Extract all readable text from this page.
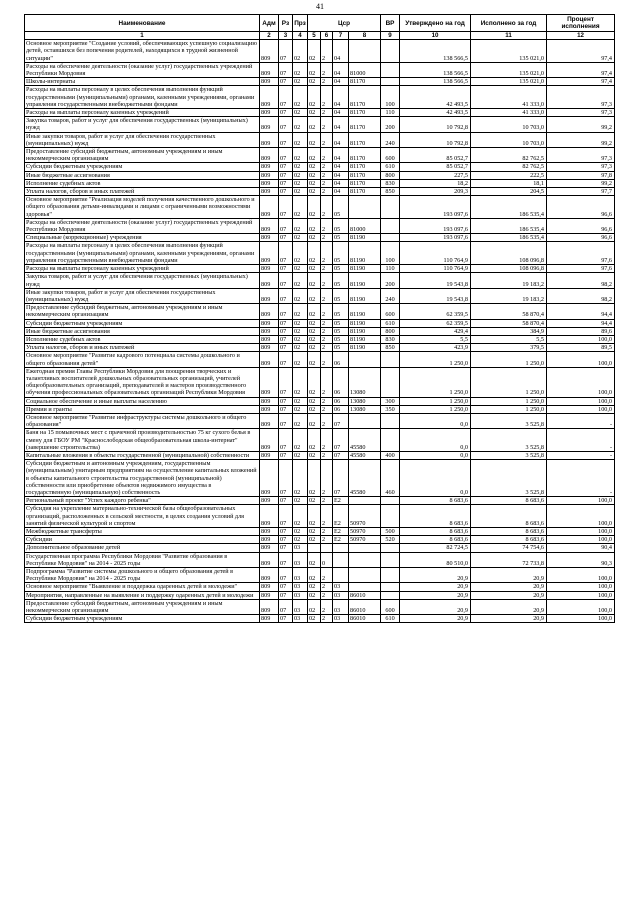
41
Наименование	Адм	Рз	Прз	Цср				ВР	Утверждено на год	Исполнено за год	Процент исполнения
1	2	3	4	5	6	7	8	9	10	11	12
Основное мероприятие "Создание условий, обеспечивающих успешную социализацию детей, оставшихся без попечения родителей, находящихся в трудной жизненной ситуации"	809	07	02	02	2	04			138 566,5	135 021,0	97,4
Расходы на обеспечение деятельности (оказание услуг) государственных учреждений Республики Мордовия	809	07	02	02	2	04	81000		138 566,5	135 021,0	97,4
Школы-интернаты	809	07	02	02	2	04	81170		138 566,5	135 021,0	97,4
Расходы на выплаты персоналу в целях обеспечения выполнения функций государственными (муниципальными) органами, казенными учреждениями, органами управления государственными внебюджетными фондами	809	07	02	02	2	04	81170	100	42 493,5	41 333,0	97,3
Расходы на выплаты персоналу казенных учреждений	809	07	02	02	2	04	81170	110	42 493,5	41 333,0	97,3
Закупка товаров, работ и услуг для обеспечения государственных (муниципальных) нужд	809	07	02	02	2	04	81170	200	10 792,8	10 703,0	99,2
Иные закупки товаров, работ и услуг для обеспечения государственных (муниципальных) нужд	809	07	02	02	2	04	81170	240	10 792,8	10 703,0	99,2
Предоставление субсидий бюджетным, автономным учреждениям и иным некоммерческим организациям	809	07	02	02	2	04	81170	600	85 052,7	82 762,5	97,3
Субсидии бюджетным учреждениям	809	07	02	02	2	04	81170	610	85 052,7	82 762,5	97,3
Иные бюджетные ассигнования	809	07	02	02	2	04	81170	800	227,5	222,5	97,8
Исполнение судебных актов	809	07	02	02	2	04	81170	830	18,2	18,1	99,2
Уплата налогов, сборов и иных платежей	809	07	02	02	2	04	81170	850	209,3	204,5	97,7
Основное мероприятие "Реализация моделей получения качественного дошкольного и общего образования детьми-инвалидами и лицами с ограниченными возможностями здоровья"	809	07	02	02	2	05			193 097,6	186 535,4	96,6
Расходы на обеспечение деятельности (оказание услуг) государственных учреждений Республики Мордовия	809	07	02	02	2	05	81000		193 097,6	186 535,4	96,6
Специальные (коррекционные) учреждения	809	07	02	02	2	05	81190		193 097,6	186 535,4	96,6
Расходы на выплаты персоналу в целях обеспечения выполнения функций государственными (муниципальными) органами, казенными учреждениями, органами управления государственными внебюджетными фондами	809	07	02	02	2	05	81190	100	110 764,9	108 096,8	97,6
Расходы на выплаты персоналу казенных учреждений	809	07	02	02	2	05	81190	110	110 764,9	108 096,8	97,6
Закупка товаров, работ и услуг для обеспечения государственных (муниципальных) нужд	809	07	02	02	2	05	81190	200	19 543,8	19 183,2	98,2
Иные закупки товаров, работ и услуг для обеспечения государственных (муниципальных) нужд	809	07	02	02	2	05	81190	240	19 543,8	19 183,2	98,2
Предоставление субсидий бюджетным, автономным учреждениям и иным некоммерческим организациям	809	07	02	02	2	05	81190	600	62 359,5	58 870,4	94,4
Субсидии бюджетным учреждениям	809	07	02	02	2	05	81190	610	62 359,5	58 870,4	94,4
Иные бюджетные ассигнования	809	07	02	02	2	05	81190	800	429,4	384,9	89,6
Исполнение судебных актов	809	07	02	02	2	05	81190	830	5,5	5,5	100,0
Уплата налогов, сборов и иных платежей	809	07	02	02	2	05	81190	850	423,9	379,5	89,5
Основное мероприятие "Развитие кадрового потенциала системы дошкольного и общего образования детей"	809	07	02	02	2	06			1 250,0	1 250,0	100,0
Ежегодная премия Главы Республики Мордовия для поощрения творческих и талантливых воспитателей дошкольных образовательных организаций, учителей общеобразовательных организаций, преподавателей и мастеров производственного обучения профессиональных образовательных организаций Республики Мордовия	809	07	02	02	2	06	13080		1 250,0	1 250,0	100,0
Социальное обеспечение и иные выплаты населению	809	07	02	02	2	06	13080	300	1 250,0	1 250,0	100,0
Премии и гранты	809	07	02	02	2	06	13080	350	1 250,0	1 250,0	100,0
Основное мероприятие "Развитие инфраструктуры системы дошкольного и общего образования"	809	07	02	02	2	07			0,0	3 525,8	-
Баня на 15 помывочных мест с прачечной производительностью 75 кг сухого белья в смену для ГБОУ РМ "Краснослободская общеобразовательная школа-интернат" (завершение строительства)	809	07	02	02	2	07	45580		0,0	3 525,8	-
Капитальные вложения в объекты государственной (муниципальной) собственности	809	07	02	02	2	07	45580	400	0,0	3 525,8	-
Субсидии бюджетным и автономным учреждениям, государственным (муниципальным) унитарным предприятиям на осуществление капитальных вложений в объекты капитального строительства государственной (муниципальной) собственности или приобретение объектов недвижимого имущества в государственную (муниципальную) собственность	809	07	02	02	2	07	45580	460	0,0	3 525,8	-
Региональный проект "Успех каждого ребенка"	809	07	02	02	2	E2			8 683,6	8 683,6	100,0
Субсидия на укрепление материально-технической базы общеобразовательных организаций, расположенных в сельской местности, в целях создания условий для занятий физической культурой и спортом	809	07	02	02	2	E2	50970		8 683,6	8 683,6	100,0
Межбюджетные трансферты	809	07	02	02	2	E2	50970	500	8 683,6	8 683,6	100,0
Субсидии	809	07	02	02	2	E2	50970	520	8 683,6	8 683,6	100,0
Дополнительное образование детей	809	07	03						82 724,5	74 754,6	90,4
Государственная программа Республики Мордовия "Развитие образования в Республике Мордовия" на 2014 - 2025 годы	809	07	03	02	0				80 510,0	72 733,8	90,3
Подпрограмма "Развитие системы дошкольного и общего образования детей в Республике Мордовия" на 2014 - 2025 годы	809	07	03	02	2				20,9	20,9	100,0
Основное мероприятие "Выявление и поддержка одаренных детей и молодежи"	809	07	03	02	2	03			20,9	20,9	100,0
Мероприятия, направленные на выявление и поддержку одаренных детей и молодежи	809	07	03	02	2	03	86010		20,9	20,9	100,0
Предоставление субсидий бюджетным, автономным учреждениям и иным некоммерческим организациям	809	07	03	02	2	03	86010	600	20,9	20,9	100,0
Субсидии бюджетным учреждениям	809	07	03	02	2	03	86010	610	20,9	20,9	100,0
